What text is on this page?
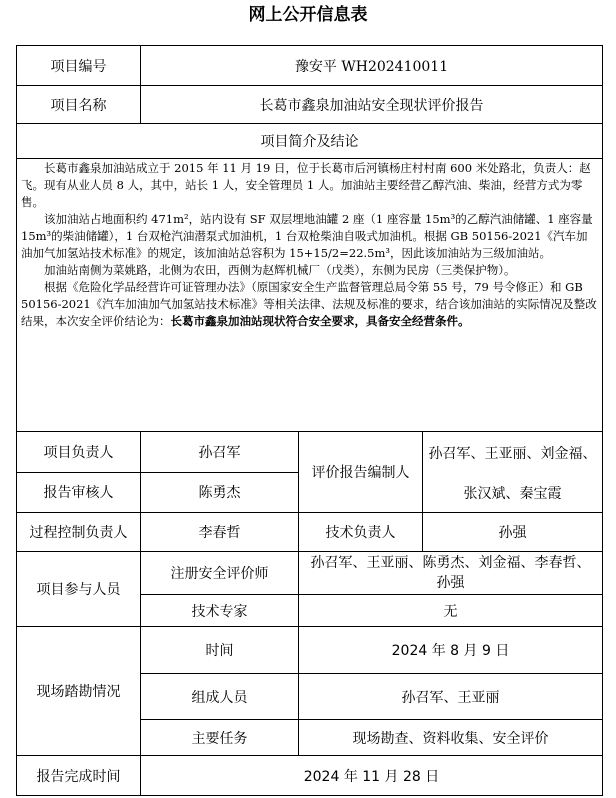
网上公开信息表
项目编号	豫安平 WH202410011		
项目名称	长葛市鑫泉加油站安全现状评价报告		
项目简介及结论			

长葛市鑫泉加油站成立于 2015 年 11 月 19 日，位于长葛市后河镇杨庄村村南 600 米处路北，负责人：赵飞。现有从业人员 8 人，其中，站长 1 人，安全管理员 1 人。加油站主要经营乙醇汽油、柴油，经营方式为零售。

该加油站占地面积约 471m²，站内设有 SF 双层埋地油罐 2 座（1 座容量 15m³的乙醇汽油储罐、1 座容量 15m³的柴油储罐），1 台双枪汽油潜泵式加油机，1 台双枪柴油自吸式加油机。根据 GB 50156-2021《汽车加油加气加氢站技术标准》的规定，该加油站总容积为 15+15/2=22.5m³，因此该加油站为三级加油站。

加油站南侧为菜姚路，北侧为农田，西侧为赵辉机械厂（戊类），东侧为民房（三类保护物）。

根据《危险化学品经营许可证管理办法》（原国家安全生产监督管理总局令第 55 号，79 号令修正）和 GB 50156-2021《汽车加油加气加氢站技术标准》等相关法律、法规及标准的要求，结合该加油站的实际情况及整改结果，本次安全评价结论为：长葛市鑫泉加油站现状符合安全要求，具备安全经营条件。			

项目负责人	孙召军	评价报告编制人	孙召军、王亚丽、刘金福、
张汉斌、秦宝霞

报告审核人	陈勇杰		
过程控制负责人	李春哲	技术负责人	孙强
项目参与人员	注册安全评价师	孙召军、王亚丽、陈勇杰、刘金福、李春哲、
孙强	

	技术专家	无	
现场踏勘情况	时间	2024 年 8 月 9 日	
	组成人员	孙召军、王亚丽	
	主要任务	现场勘查、资料收集、安全评价	
报告完成时间	2024 年 11 月 28 日		
